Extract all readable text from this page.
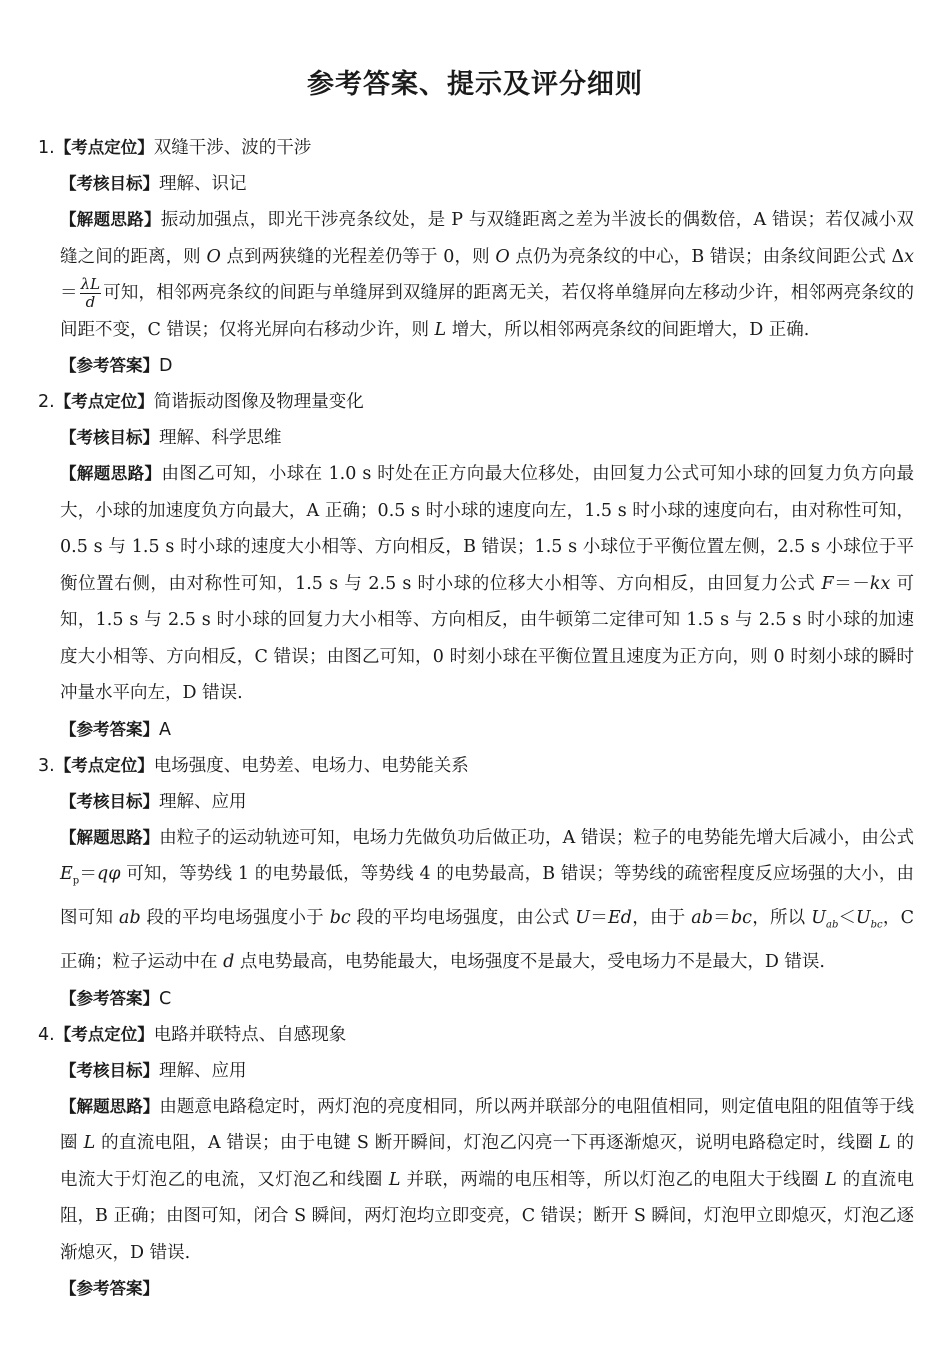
参考答案、提示及评分细则
1.【考点定位】双缝干涉、波的干涉
【考核目标】理解、识记

【解题思路】振动加强点，即光干涉亮条纹处，是 P 与双缝距离之差为半波长的偶数倍，A 错误；若仅减小双缝之间的距离，则 O 点到两狭缝的光程差仍等于 0，则 O 点仍为亮条纹的中心，B 错误；由条纹间距公式 $\Delta x = \frac{\lambda L}{d}$ 可知，相邻两亮条纹的间距与单缝屏到双缝屏的距离无关，若仅将单缝屏向左移动少许，相邻两亮条纹的间距不变，C 错误；仅将光屏向右移动少许，则 L 增大，所以相邻两亮条纹的间距增大，D 正确.

【参考答案】D
2.【考点定位】简谐振动图像及物理量变化
【考核目标】理解、科学思维

【解题思路】由图乙可知，小球在 1.0 s 时处在正方向最大位移处，由回复力公式可知小球的回复力负方向最大，小球的加速度负方向最大，A 正确；0.5 s 时小球的速度向左，1.5 s 时小球的速度向右，由对称性可知，0.5 s 与 1.5 s 时小球的速度大小相等、方向相反，B 错误；1.5 s 小球位于平衡位置左侧，2.5 s 小球位于平衡位置右侧，由对称性可知，1.5 s 与 2.5 s 时小球的位移大小相等、方向相反，由回复力公式 F＝－kx 可知，1.5 s 与 2.5 s 时小球的回复力大小相等、方向相反，由牛顿第二定律可知 1.5 s 与 2.5 s 时小球的加速度大小相等、方向相反，C 错误；由图乙可知，0 时刻小球在平衡位置且速度为正方向，则 0 时刻小球的瞬时冲量水平向左，D 错误.

【参考答案】A
3.【考点定位】电场强度、电势差、电场力、电势能关系
【考核目标】理解、应用

【解题思路】由粒子的运动轨迹可知，电场力先做负功后做正功，A 错误；粒子的电势能先增大后减小，由公式 $E_p=q\varphi$ 可知，等势线 1 的电势最低，等势线 4 的电势最高，B 错误；等势线的疏密程度反应场强的大小，由图可知 ab 段的平均电场强度小于 bc 段的平均电场强度，由公式 U＝Ed，由于 ab＝bc，所以 $U_{ab}<U_{bc}$，C 正确；粒子运动中在 d 点电势最高，电势能最大，电场强度不是最大，受电场力不是最大，D 错误.

【参考答案】C
4.【考点定位】电路并联特点、自感现象
【考核目标】理解、应用

【解题思路】由题意电路稳定时，两灯泡的亮度相同，所以两并联部分的电阻值相同，则定值电阻的阻值等于线圈 L 的直流电阻，A 错误；由于电键 S 断开瞬间，灯泡乙闪亮一下再逐渐熄灭，说明电路稳定时，线圈 L 的电流大于灯泡乙的电流，又灯泡乙和线圈 L 并联，两端的电压相等，所以灯泡乙的电阻大于线圈 L 的直流电阻，B 正确；由图可知，闭合 S 瞬间，两灯泡均立即变亮，C 错误；断开 S 瞬间，灯泡甲立即熄灭，灯泡乙逐渐熄灭，D 错误.

【参考答案】
